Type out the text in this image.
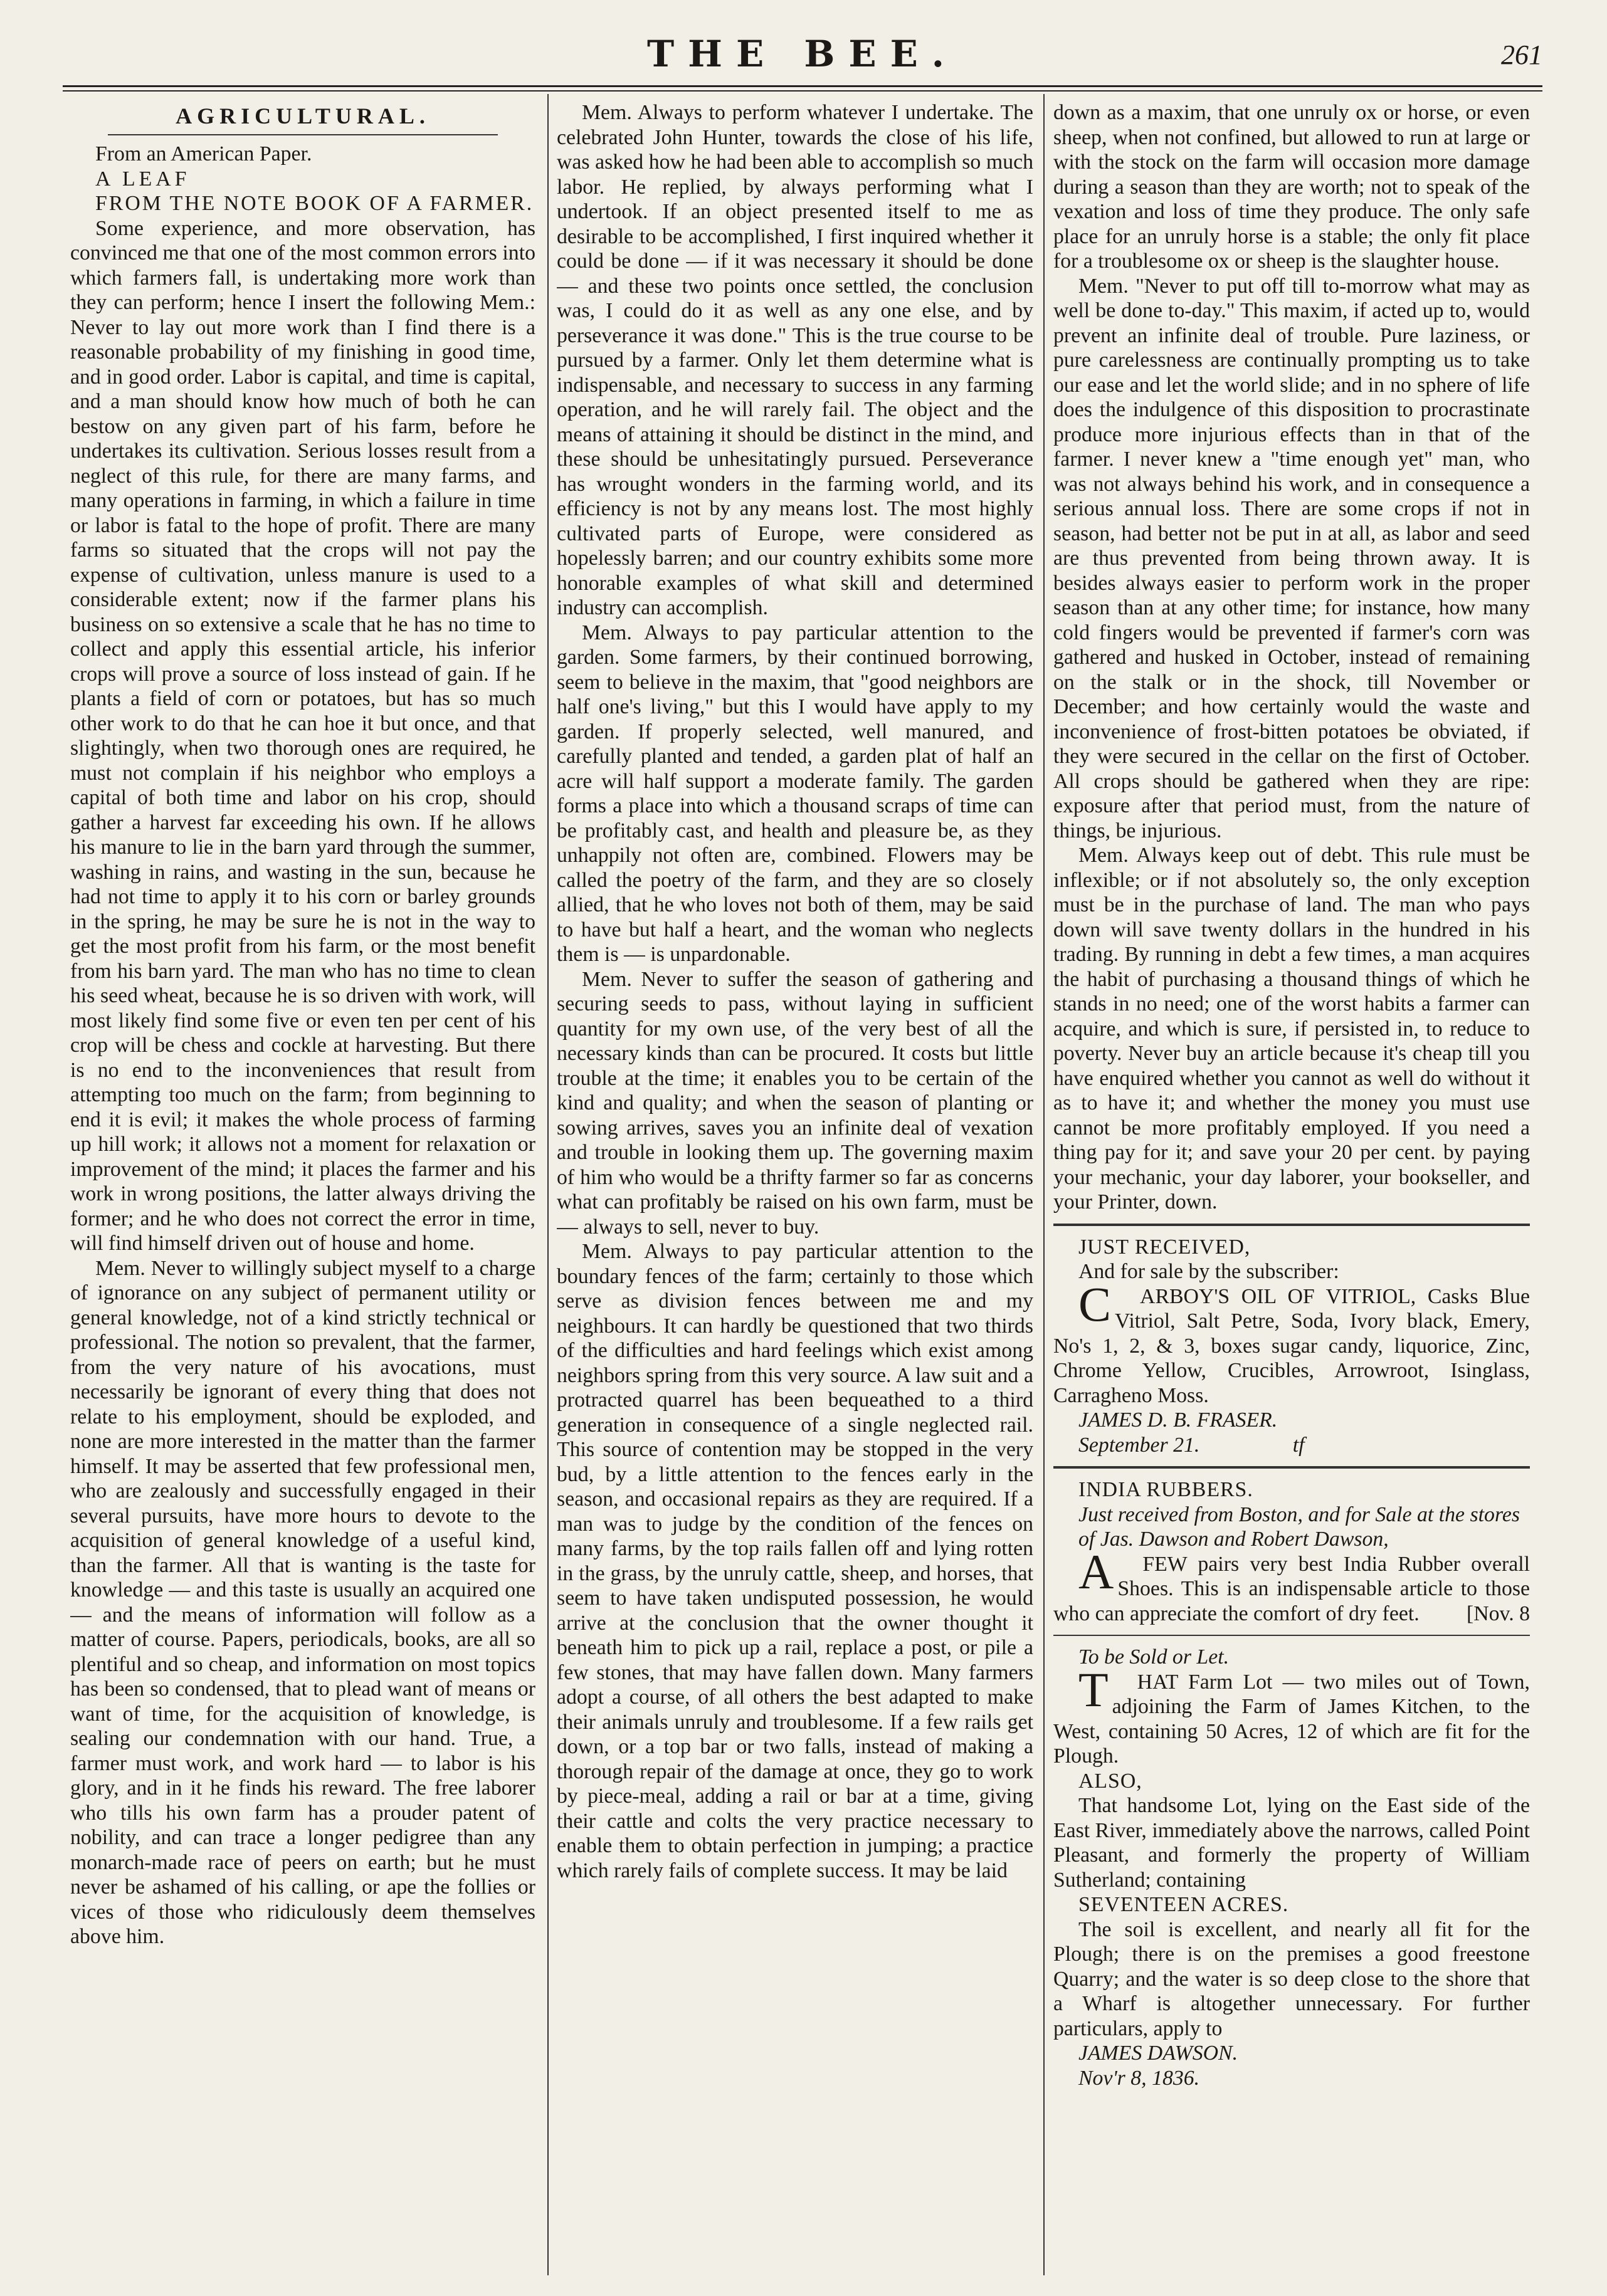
THE BEE.	261
AGRICULTURAL.

From an American Paper.

A LEAF

FROM THE NOTE BOOK OF A FARMER.

Some experience, and more observation, has convinced me that one of the most common errors into which farmers fall, is undertaking more work than they can perform; hence I insert the following Mem.: Never to lay out more work than I find there is a reasonable probability of my finishing in good time, and in good order. Labor is capital, and time is capital, and a man should know how much of both he can bestow on any given part of his farm, before he undertakes its cultivation. Serious losses result from a neglect of this rule, for there are many farms, and many operations in farming, in which a failure in time or labor is fatal to the hope of profit. There are many farms so situated that the crops will not pay the expense of cultivation, unless manure is used to a considerable extent; now if the farmer plans his business on so extensive a scale that he has no time to collect and apply this essential article, his inferior crops will prove a source of loss instead of gain. If he plants a field of corn or potatoes, but has so much other work to do that he can hoe it but once, and that slightingly, when two thorough ones are required, he must not complain if his neighbor who employs a capital of both time and labor on his crop, should gather a harvest far exceeding his own. If he allows his manure to lie in the barn yard through the summer, washing in rains, and wasting in the sun, because he had not time to apply it to his corn or barley grounds in the spring, he may be sure he is not in the way to get the most profit from his farm, or the most benefit from his barn yard. The man who has no time to clean his seed wheat, because he is so driven with work, will most likely find some five or even ten per cent of his crop will be chess and cockle at harvesting. But there is no end to the inconveniences that result from attempting too much on the farm; from beginning to end it is evil; it makes the whole process of farming up hill work; it allows not a moment for relaxation or improvement of the mind; it places the farmer and his work in wrong positions, the latter always driving the former; and he who does not correct the error in time, will find himself driven out of house and home.

Mem. Never to willingly subject myself to a charge of ignorance on any subject of permanent utility or general knowledge, not of a kind strictly technical or professional. The notion so prevalent, that the farmer, from the very nature of his avocations, must necessarily be ignorant of every thing that does not relate to his employment, should be exploded, and none are more interested in the matter than the farmer himself. It may be asserted that few professional men, who are zealously and successfully engaged in their several pursuits, have more hours to devote to the acquisition of general knowledge of a useful kind, than the farmer. All that is wanting is the taste for knowledge — and this taste is usually an acquired one — and the means of information will follow as a matter of course. Papers, periodicals, books, are all so plentiful and so cheap, and information on most topics has been so condensed, that to plead want of means or want of time, for the acquisition of knowledge, is sealing our condemnation with our hand. True, a farmer must work, and work hard — to labor is his glory, and in it he finds his reward. The free laborer who tills his own farm has a prouder patent of nobility, and can trace a longer pedigree than any monarch-made race of peers on earth; but he must never be ashamed of his calling, or ape the follies or vices of those who ridiculously deem themselves above him.

Mem. Always to perform whatever I undertake. The celebrated John Hunter, towards the close of his life, was asked how he had been able to accomplish so much labor. He replied, by always performing what I undertook. If an object presented itself to me as desirable to be accomplished, I first inquired whether it could be done — if it was necessary it should be done — and these two points once settled, the conclusion was, I could do it as well as any one else, and by perseverance it was done." This is the true course to be pursued by a farmer. Only let them determine what is indispensable, and necessary to success in any farming operation, and he will rarely fail. The object and the means of attaining it should be distinct in the mind, and these should be unhesitatingly pursued. Perseverance has wrought wonders in the farming world, and its efficiency is not by any means lost. The most highly cultivated parts of Europe, were considered as hopelessly barren; and our country exhibits some more honorable examples of what skill and determined industry can accomplish.

Mem. Always to pay particular attention to the garden. Some farmers, by their continued borrowing, seem to believe in the maxim, that "good neighbors are half one's living," but this I would have apply to my garden. If properly selected, well manured, and carefully planted and tended, a garden plat of half an acre will half support a moderate family. The garden forms a place into which a thousand scraps of time can be profitably cast, and health and pleasure be, as they unhappily not often are, combined. Flowers may be called the poetry of the farm, and they are so closely allied, that he who loves not both of them, may be said to have but half a heart, and the woman who neglects them is — is unpardonable.

Mem. Never to suffer the season of gathering and securing seeds to pass, without laying in sufficient quantity for my own use, of the very best of all the necessary kinds than can be procured. It costs but little trouble at the time; it enables you to be certain of the kind and quality; and when the season of planting or sowing arrives, saves you an infinite deal of vexation and trouble in looking them up. The governing maxim of him who would be a thrifty farmer so far as concerns what can profitably be raised on his own farm, must be — always to sell, never to buy.

Mem. Always to pay particular attention to the boundary fences of the farm; certainly to those which serve as division fences between me and my neighbours. It can hardly be questioned that two thirds of the difficulties and hard feelings which exist among neighbors spring from this very source. A law suit and a protracted quarrel has been bequeathed to a third generation in consequence of a single neglected rail. This source of contention may be stopped in the very bud, by a little attention to the fences early in the season, and occasional repairs as they are required. If a man was to judge by the condition of the fences on many farms, by the top rails fallen off and lying rotten in the grass, by the unruly cattle, sheep, and horses, that seem to have taken undisputed possession, he would arrive at the conclusion that the owner thought it beneath him to pick up a rail, replace a post, or pile a few stones, that may have fallen down. Many farmers adopt a course, of all others the best adapted to make their animals unruly and troublesome. If a few rails get down, or a top bar or two falls, instead of making a thorough repair of the damage at once, they go to work by piece-meal, adding a rail or bar at a time, giving their cattle and colts the very practice necessary to enable them to obtain perfection in jumping; a practice which rarely fails of complete success. It may be laid

down as a maxim, that one unruly ox or horse, or even sheep, when not confined, but allowed to run at large or with the stock on the farm will occasion more damage during a season than they are worth; not to speak of the vexation and loss of time they produce. The only safe place for an unruly horse is a stable; the only fit place for a troublesome ox or sheep is the slaughter house.

Mem. "Never to put off till to-morrow what may as well be done to-day." This maxim, if acted up to, would prevent an infinite deal of trouble. Pure laziness, or pure carelessness are continually prompting us to take our ease and let the world slide; and in no sphere of life does the indulgence of this disposition to procrastinate produce more injurious effects than in that of the farmer. I never knew a "time enough yet" man, who was not always behind his work, and in consequence a serious annual loss. There are some crops if not in season, had better not be put in at all, as labor and seed are thus prevented from being thrown away. It is besides always easier to perform work in the proper season than at any other time; for instance, how many cold fingers would be prevented if farmer's corn was gathered and husked in October, instead of remaining on the stalk or in the shock, till November or December; and how certainly would the waste and inconvenience of frost-bitten potatoes be obviated, if they were secured in the cellar on the first of October. All crops should be gathered when they are ripe: exposure after that period must, from the nature of things, be injurious.

Mem. Always keep out of debt. This rule must be inflexible; or if not absolutely so, the only exception must be in the purchase of land. The man who pays down will save twenty dollars in the hundred in his trading. By running in debt a few times, a man acquires the habit of purchasing a thousand things of which he stands in no need; one of the worst habits a farmer can acquire, and which is sure, if persisted in, to reduce to poverty. Never buy an article because it's cheap till you have enquired whether you cannot as well do without it as to have it; and whether the money you must use cannot be more profitably employed. If you need a thing pay for it; and save your 20 per cent. by paying your mechanic, your day laborer, your bookseller, and your Printer, down.

JUST RECEIVED,

And for sale by the subscriber:

C ARBOY'S OIL OF VITRIOL, Casks Blue Vitriol, Salt Petre, Soda, Ivory black, Emery, No's 1, 2, & 3, boxes sugar candy, liquorice, Zinc, Chrome Yellow, Crucibles, Arrowroot, Isinglass, Carragheno Moss.

JAMES D. B. FRASER.

September 21.	tf

INDIA RUBBERS.

Just received from Boston, and for Sale at the stores

of Jas. Dawson and Robert Dawson,

A FEW pairs very best India Rubber overall Shoes. This is an indispensable article to those who can appreciate the comfort of dry feet.	[Nov. 8

To be Sold or Let.

T HAT Farm Lot — two miles out of Town, adjoining the Farm of James Kitchen, to the West, containing 50 Acres, 12 of which are fit for the Plough.

ALSO,

That handsome Lot, lying on the East side of the East River, immediately above the narrows, called Point Pleasant, and formerly the property of William Sutherland; containing

SEVENTEEN ACRES.

The soil is excellent, and nearly all fit for the Plough; there is on the premises a good freestone Quarry; and the water is so deep close to the shore that a Wharf is altogether unnecessary. For further particulars, apply to

JAMES DAWSON.

Nov'r 8, 1836.
